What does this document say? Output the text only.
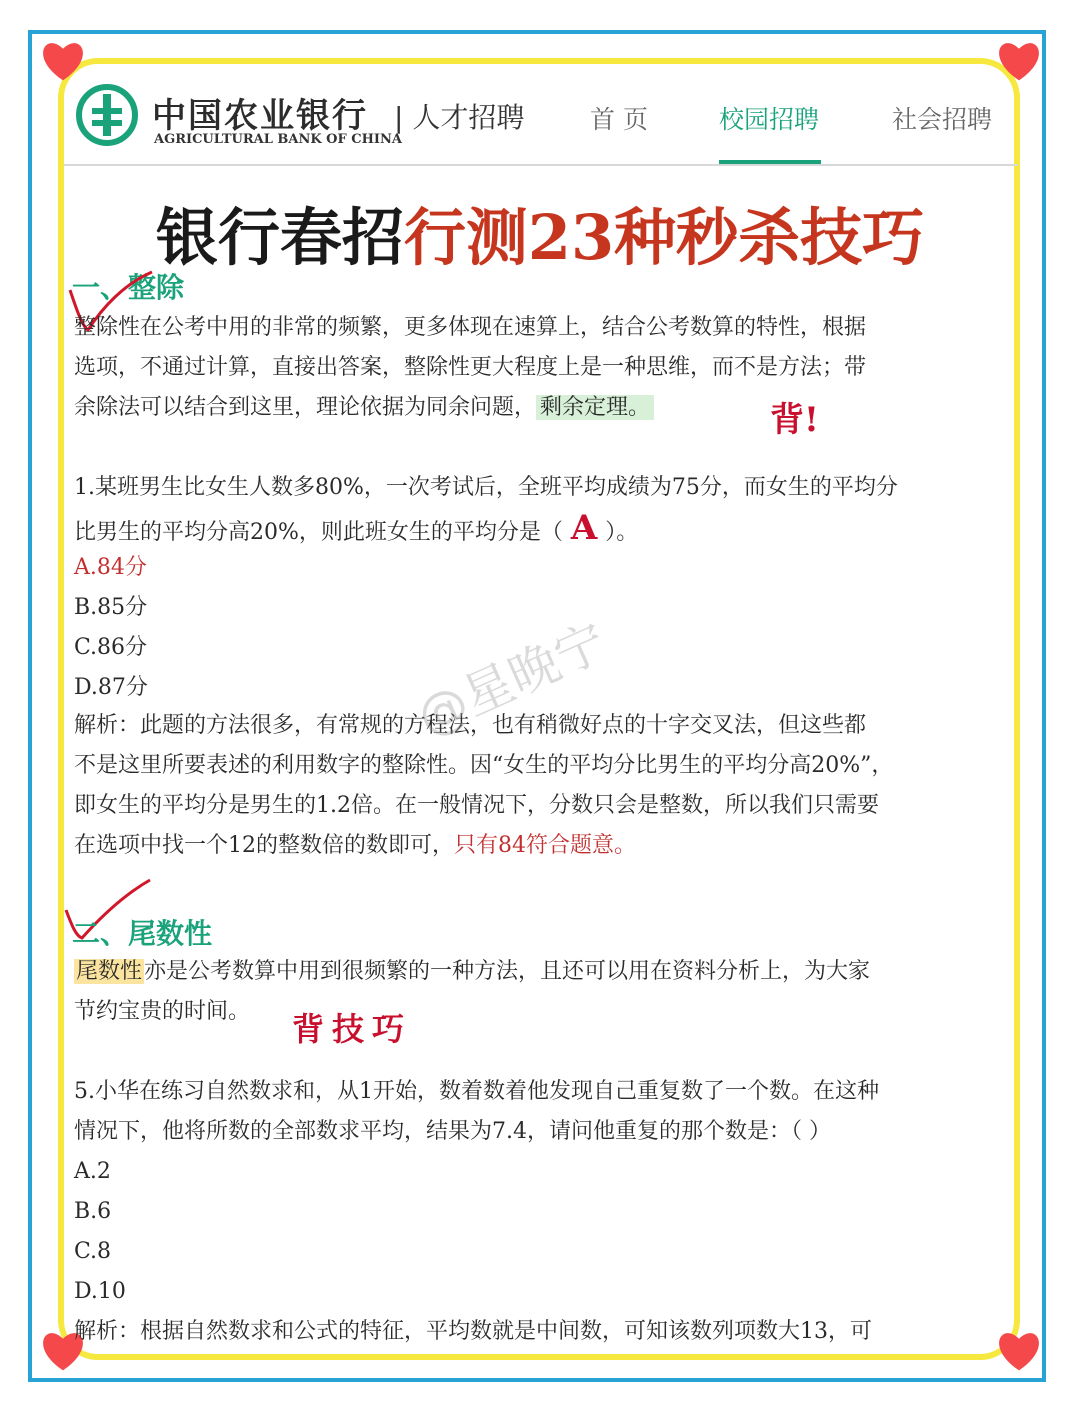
中国农业银行
AGRICULTURAL BANK OF CHINA
| 人才招聘	首 页	校园招聘	社会招聘
银行春招行测23种秒杀技巧
一、整除
整除性在公考中用的非常的频繁，更多体现在速算上，结合公考数算的特性，根据
选项，不通过计算，直接出答案，整除性更大程度上是一种思维，而不是方法；带
余除法可以结合到这里，理论依据为同余问题， 剩余定理。	背!
1.某班男生比女生人数多80%，一次考试后，全班平均成绩为75分，而女生的平均分
比男生的平均分高20%，则此班女生的平均分是（ A ）。
A.84分
B.85分
C.86分
D.87分
解析：此题的方法很多，有常规的方程法，也有稍微好点的十字交叉法，但这些都
不是这里所要表述的利用数字的整除性。因“女生的平均分比男生的平均分高20%”，
即女生的平均分是男生的1.2倍。在一般情况下，分数只会是整数，所以我们只需要
在选项中找一个12的整数倍的数即可，只有84符合题意。
@星晚宁
二、尾数性
尾数性亦是公考数算中用到很频繁的一种方法，且还可以用在资料分析上，为大家
节约宝贵的时间。 背技巧
5.小华在练习自然数求和，从1开始，数着数着他发现自己重复数了一个数。在这种
情况下，他将所数的全部数求平均，结果为7.4，请问他重复的那个数是：（ ）
A.2
B.6
C.8
D.10
解析：根据自然数求和公式的特征，平均数就是中间数，可知该数列项数大13，可
